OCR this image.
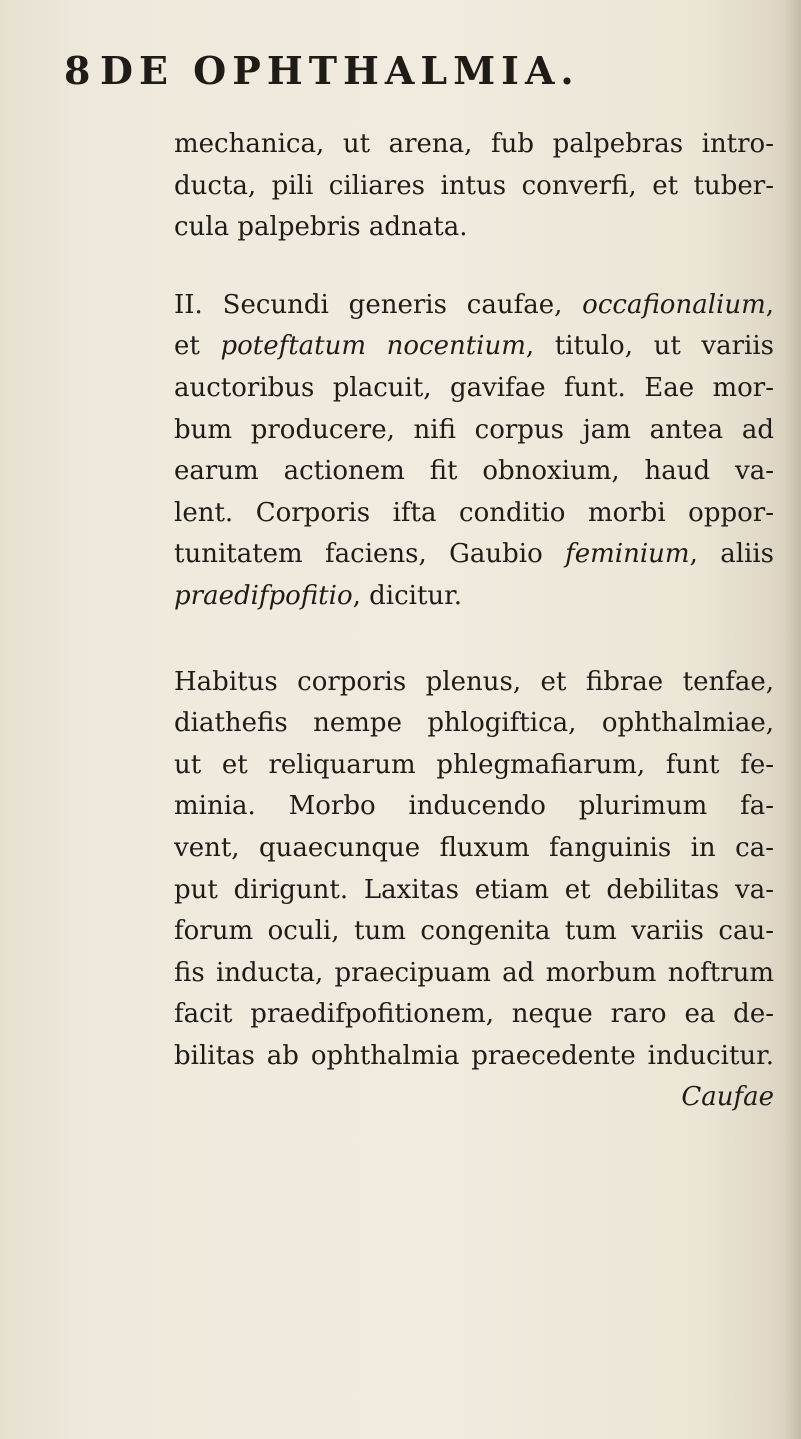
8 DE OPHTHALMIA.
mechanica, ut arena, fub palpebras intro-
ducta, pili ciliares intus converfi, et tuber-
cula palpebris adnata.
II. Secundi generis caufae, occafionalium,
et poteftatum nocentium, titulo, ut variis
auctoribus placuit, gavifae funt. Eae mor-
bum producere, nifi corpus jam antea ad
earum actionem fit obnoxium, haud va-
lent. Corporis ifta conditio morbi oppor-
tunitatem faciens, Gaubio feminium, aliis
praedifpofitio, dicitur.
Habitus corporis plenus, et fibrae tenfae,
diathefis nempe phlogiftica, ophthalmiae,
ut et reliquarum phlegmafiarum, funt fe-
minia. Morbo inducendo plurimum fa-
vent, quaecunque fluxum fanguinis in ca-
put dirigunt. Laxitas etiam et debilitas va-
forum oculi, tum congenita tum variis cau-
fis inducta, praecipuam ad morbum noftrum
facit praedifpofitionem, neque raro ea de-
bilitas ab ophthalmia praecedente inducitur.
Caufae
